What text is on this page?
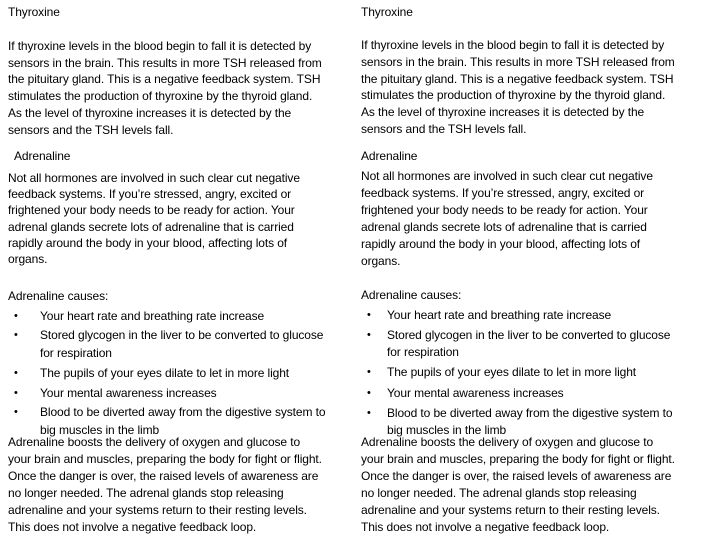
Thyroxine
If thyroxine levels in the blood begin to fall it is detected by
sensors in the brain. This results in more TSH released from
the pituitary gland. This is a negative feedback system. TSH
stimulates the production of thyroxine by the thyroid gland.
As the level of thyroxine increases it is detected by the
sensors and the TSH levels fall.
Adrenaline
Not all hormones are involved in such clear cut negative
feedback systems. If you’re stressed, angry, excited or
frightened your body needs to be ready for action. Your
adrenal glands secrete lots of adrenaline that is carried
rapidly around the body in your blood, affecting lots of
organs.
Adrenaline causes:
• Your heart rate and breathing rate increase
• Stored glycogen in the liver to be converted to glucose
for respiration
• The pupils of your eyes dilate to let in more light
• Your mental awareness increases
• Blood to be diverted away from the digestive system to
big muscles in the limb
Adrenaline boosts the delivery of oxygen and glucose to
your brain and muscles, preparing the body for fight or flight.
Once the danger is over, the raised levels of awareness are
no longer needed. The adrenal glands stop releasing
adrenaline and your systems return to their resting levels.
This does not involve a negative feedback loop.
Thyroxine
If thyroxine levels in the blood begin to fall it is detected by
sensors in the brain. This results in more TSH released from
the pituitary gland. This is a negative feedback system. TSH
stimulates the production of thyroxine by the thyroid gland.
As the level of thyroxine increases it is detected by the
sensors and the TSH levels fall.
Adrenaline
Not all hormones are involved in such clear cut negative
feedback systems. If you’re stressed, angry, excited or
frightened your body needs to be ready for action. Your
adrenal glands secrete lots of adrenaline that is carried
rapidly around the body in your blood, affecting lots of
organs.
Adrenaline causes:
• Your heart rate and breathing rate increase
• Stored glycogen in the liver to be converted to glucose
for respiration
• The pupils of your eyes dilate to let in more light
• Your mental awareness increases
• Blood to be diverted away from the digestive system to
big muscles in the limb
Adrenaline boosts the delivery of oxygen and glucose to
your brain and muscles, preparing the body for fight or flight.
Once the danger is over, the raised levels of awareness are
no longer needed. The adrenal glands stop releasing
adrenaline and your systems return to their resting levels.
This does not involve a negative feedback loop.
